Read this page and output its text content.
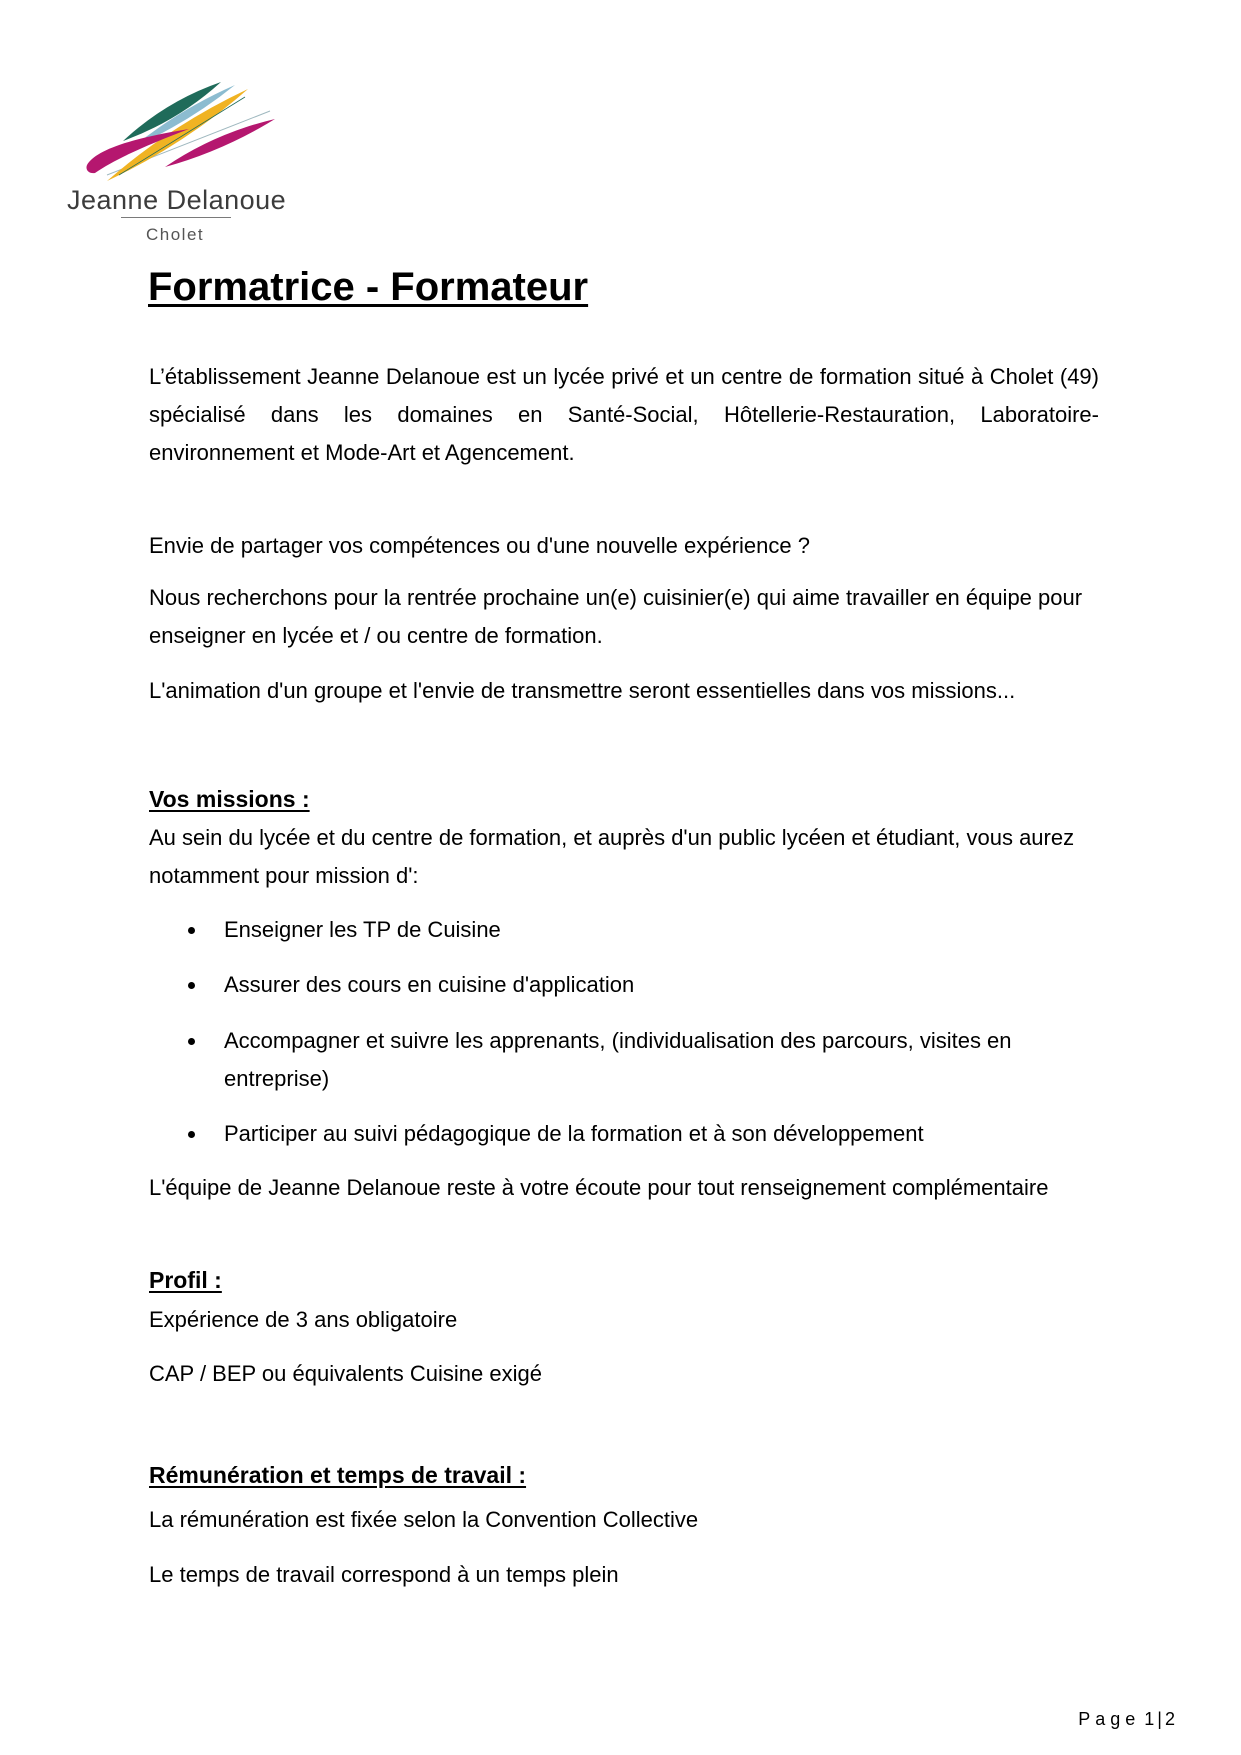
Jeanne Delanoue
Cholet
Formatrice - Formateur
L’établissement Jeanne Delanoue est un lycée privé et un centre de formation situé à Cholet (49)
spécialisé dans les domaines en Santé-Social, Hôtellerie-Restauration, Laboratoire-
environnement et Mode-Art et Agencement.
Envie de partager vos compétences ou d'une nouvelle expérience ?
Nous recherchons pour la rentrée prochaine un(e) cuisinier(e) qui aime travailler en équipe pour
enseigner en lycée et / ou centre de formation.
L'animation d'un groupe et l'envie de transmettre seront essentielles dans vos missions...
Vos missions :
Au sein du lycée et du centre de formation, et auprès d'un public lycéen et étudiant, vous aurez
notamment pour mission d':
Enseigner les TP de Cuisine
Assurer des cours en cuisine d'application
Accompagner et suivre les apprenants, (individualisation des parcours, visites en
entreprise)
Participer au suivi pédagogique de la formation et à son développement
L'équipe de Jeanne Delanoue reste à votre écoute pour tout renseignement complémentaire
Profil :
Expérience de 3 ans obligatoire
CAP / BEP ou équivalents Cuisine exigé
Rémunération et temps de travail :
La rémunération est fixée selon la Convention Collective
Le temps de travail correspond à un temps plein
Page 1|2
